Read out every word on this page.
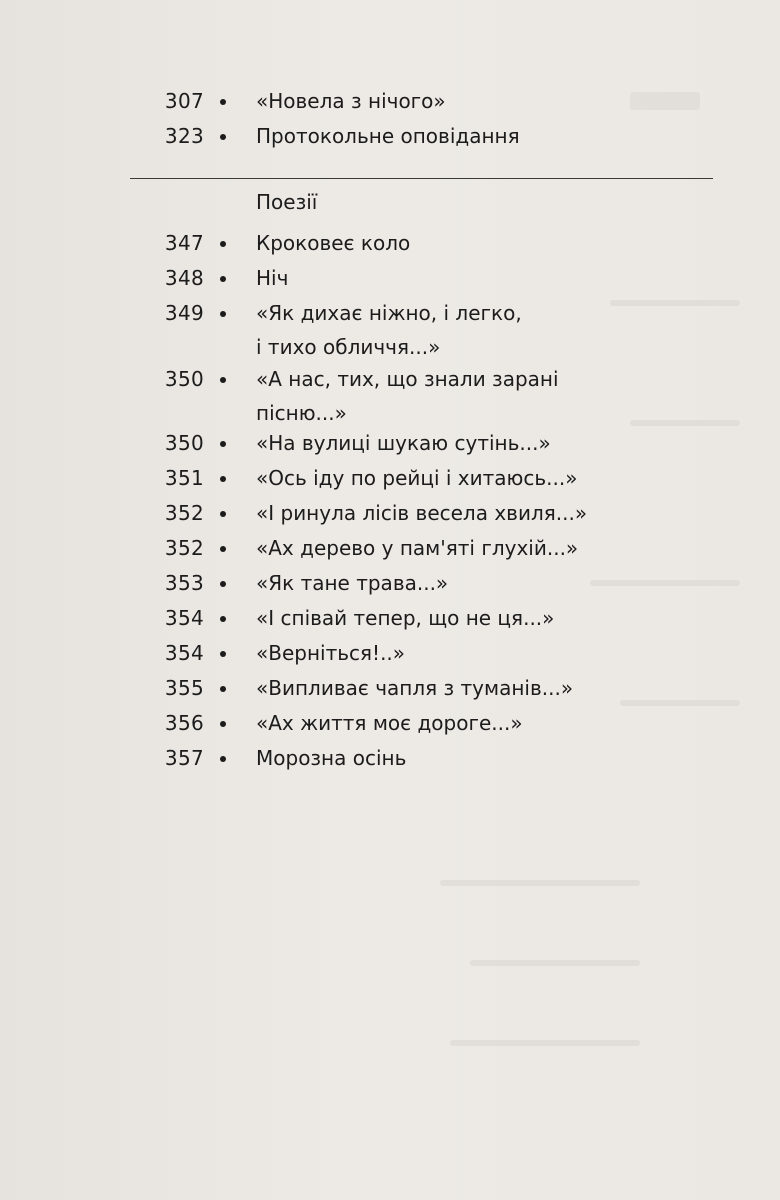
307	«Новела з нічого»
323	Протокольне оповідання
Поезії
347	Кроковеє коло
348	Ніч
349	«Як дихає ніжно, і легко,
і тихо обличчя...»
350	«А нас, тих, що знали зарані
пісню...»
350	«На вулиці шукаю сутінь...»
351	«Ось іду по рейці і хитаюсь...»
352	«І ринула лісів весела хвиля...»
352	«Ах дерево у пам'яті глухій...»
353	«Як тане трава...»
354	«І співай тепер, що не ця...»
354	«Верніться!..»
355	«Випливає чапля з туманів...»
356	«Ах життя моє дороге...»
357	Морозна осінь
